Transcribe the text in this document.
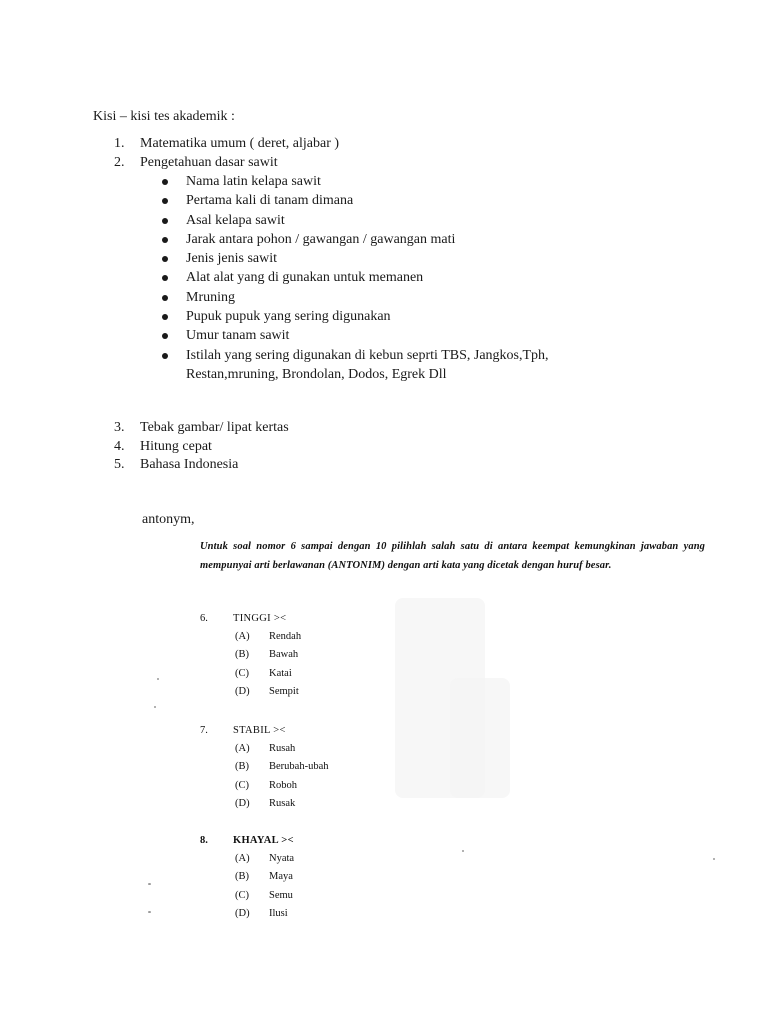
Kisi – kisi tes akademik :
1. Matematika umum ( deret, aljabar )
2. Pengetahuan dasar sawit
Nama latin kelapa sawit
Pertama kali di tanam dimana
Asal kelapa sawit
Jarak antara pohon / gawangan / gawangan mati
Jenis jenis sawit
Alat alat yang di gunakan untuk memanen
Mruning
Pupuk pupuk yang sering digunakan
Umur tanam sawit
Istilah yang sering digunakan di kebun seprti TBS, Jangkos,Tph, Restan,mruning, Brondolan, Dodos, Egrek Dll
3. Tebak gambar/ lipat kertas
4. Hitung cepat
5. Bahasa Indonesia
antonym,
Untuk soal nomor 6 sampai dengan 10 pilihlah salah satu di antara keempat kemungkinan jawaban yang mempunyai arti berlawanan (ANTONIM) dengan arti kata yang dicetak dengan huruf besar.
6. TINGGI ><
(A) Rendah
(B) Bawah
(C) Katai
(D) Sempit
7. STABIL ><
(A) Rusah
(B) Berubah-ubah
(C) Roboh
(D) Rusak
8. KHAYAL ><
(A) Nyata
(B) Maya
(C) Semu
(D) Ilusi
